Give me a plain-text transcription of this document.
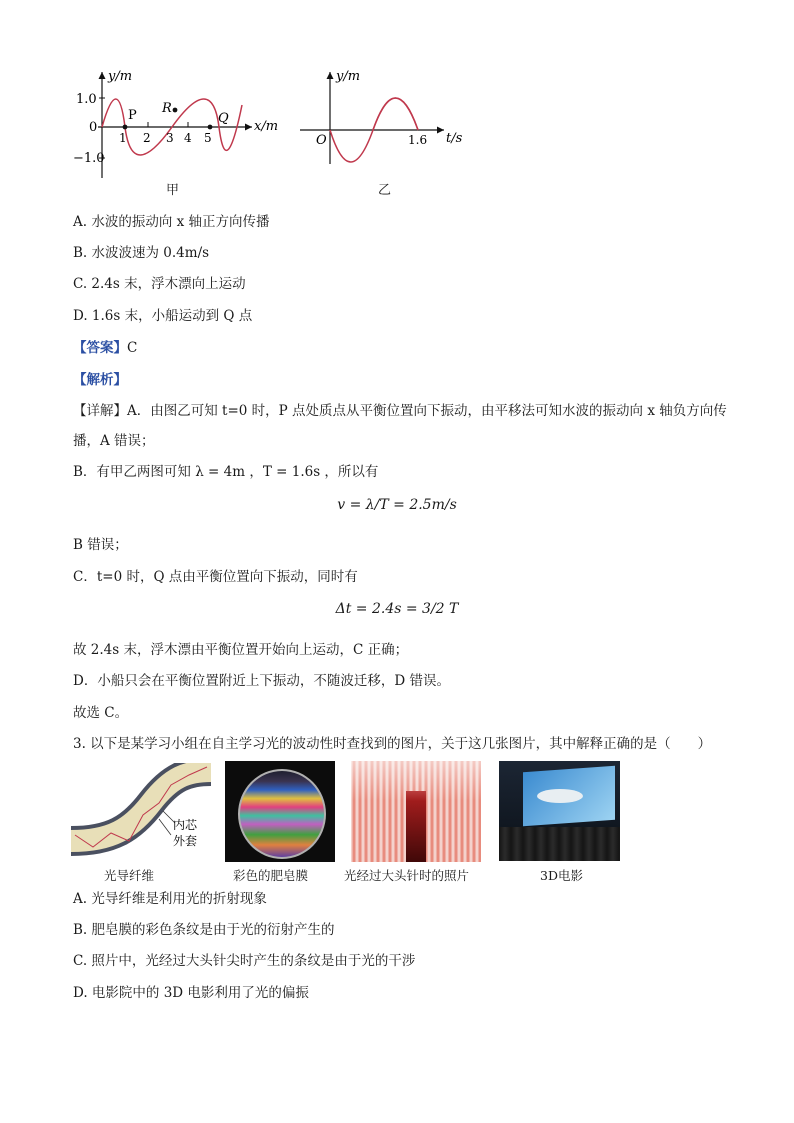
y/m
x/m
1.0
0
−1.0
1 2 3 4 5
P R
Q
甲
y/m
t/s
O	1.6
乙
A. 水波的振动向 x 轴正方向传播
B. 水波波速为 0.4m/s
C. 2.4s 末，浮木漂向上运动
D. 1.6s 末，小船运动到 Q 点
【答案】C
【解析】
【详解】A．由图乙可知 t=0 时，P 点处质点从平衡位置向下振动，由平移法可知水波的振动向 x 轴负方向传
播，A 错误；
B．有甲乙两图可知 λ = 4m ，T = 1.6s ，所以有
v = λ/T = 2.5m/s
B 错误；
C．t=0 时，Q 点由平衡位置向下振动，同时有
Δt = 2.4s = 3/2 T
故 2.4s 末，浮木漂由平衡位置开始向上运动，C 正确；
D．小船只会在平衡位置附近上下振动，不随波迁移，D 错误。
故选 C。
3. 以下是某学习小组在自主学习光的波动性时查找到的图片，关于这几张图片，其中解释正确的是（　　）
内芯
外套
光导纤维	彩色的肥皂膜	光经过大头针时的照片	3D电影
A. 光导纤维是利用光的折射现象
B. 肥皂膜的彩色条纹是由于光的衍射产生的
C. 照片中，光经过大头针尖时产生的条纹是由于光的干涉
D. 电影院中的 3D 电影利用了光的偏振
